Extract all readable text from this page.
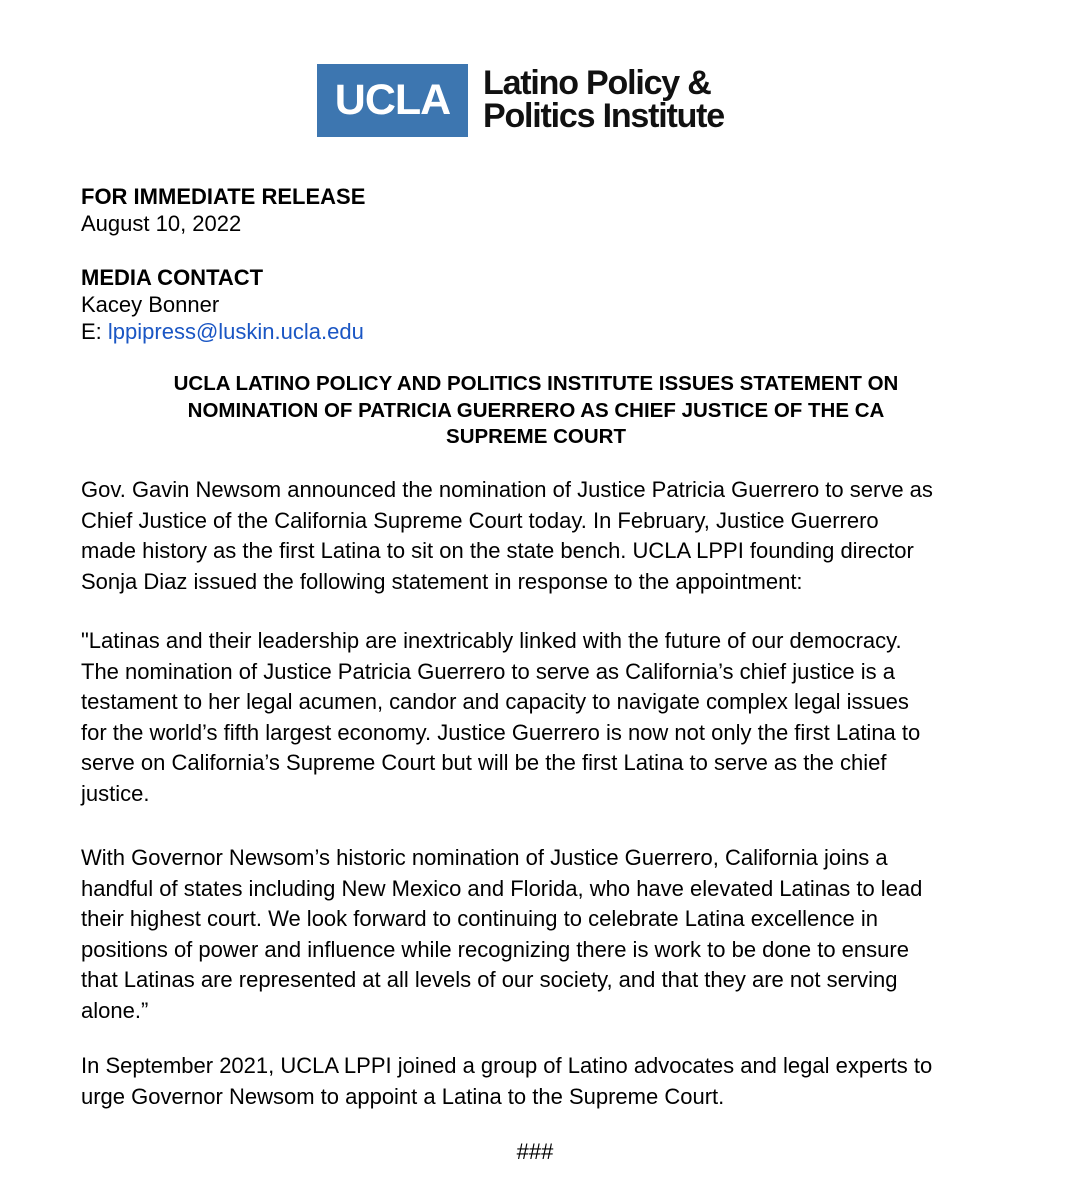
UCLA Latino Policy &
Politics Institute
FOR IMMEDIATE RELEASE
August 10, 2022
MEDIA CONTACT
Kacey Bonner
E: lppipress@luskin.ucla.edu
UCLA LATINO POLICY AND POLITICS INSTITUTE ISSUES STATEMENT ON
NOMINATION OF PATRICIA GUERRERO AS CHIEF JUSTICE OF THE CA
SUPREME COURT

Gov. Gavin Newsom announced the nomination of Justice Patricia Guerrero to serve as
Chief Justice of the California Supreme Court today. In February, Justice Guerrero
made history as the first Latina to sit on the state bench. UCLA LPPI founding director
Sonja Diaz issued the following statement in response to the appointment:

"Latinas and their leadership are inextricably linked with the future of our democracy.
The nomination of Justice Patricia Guerrero to serve as California’s chief justice is a
testament to her legal acumen, candor and capacity to navigate complex legal issues
for the world’s fifth largest economy. Justice Guerrero is now not only the first Latina to
serve on California’s Supreme Court but will be the first Latina to serve as the chief
justice.

With Governor Newsom’s historic nomination of Justice Guerrero, California joins a
handful of states including New Mexico and Florida, who have elevated Latinas to lead
their highest court. We look forward to continuing to celebrate Latina excellence in
positions of power and influence while recognizing there is work to be done to ensure
that Latinas are represented at all levels of our society, and that they are not serving
alone.”

In September 2021, UCLA LPPI joined a group of Latino advocates and legal experts to
urge Governor Newsom to appoint a Latina to the Supreme Court.

###
